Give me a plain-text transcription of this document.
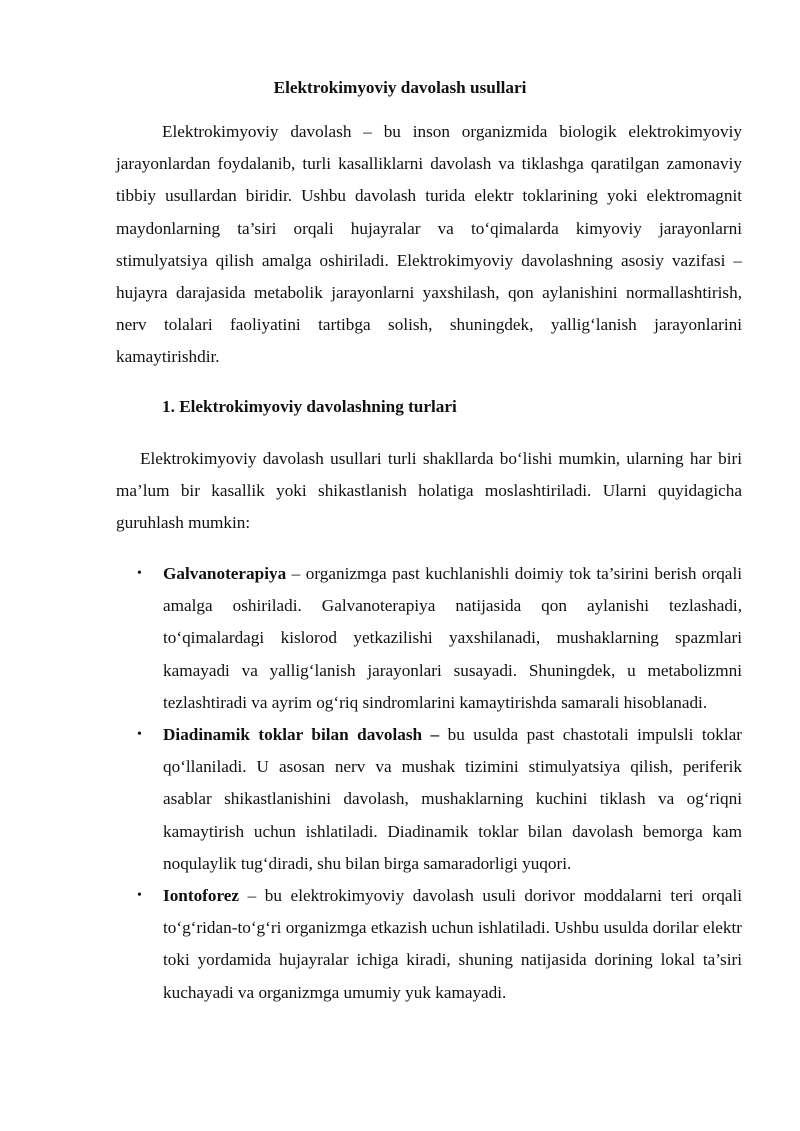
Elektrokimyoviy davolash usullari

Elektrokimyoviy davolash – bu inson organizmida biologik elektrokimyoviy jarayonlardan foydalanib, turli kasalliklarni davolash va tiklashga qaratilgan zamonaviy tibbiy usullardan biridir. Ushbu davolash turida elektr toklarining yoki elektromagnit maydonlarning ta’siri orqali hujayralar va to‘qimalarda kimyoviy jarayonlarni stimulyatsiya qilish amalga oshiriladi. Elektrokimyoviy davolashning asosiy vazifasi – hujayra darajasida metabolik jarayonlarni yaxshilash, qon aylanishini normallashtirish, nerv tolalari faoliyatini tartibga solish, shuningdek, yallig‘lanish jarayonlarini kamaytirishdir.

1. Elektrokimyoviy davolashning turlari

Elektrokimyoviy davolash usullari turli shakllarda bo‘lishi mumkin, ularning har biri ma’lum bir kasallik yoki shikastlanish holatiga moslashtiriladi. Ularni quyidagicha guruhlash mumkin:

• Galvanoterapiya – organizmga past kuchlanishli doimiy tok ta’sirini berish orqali amalga oshiriladi. Galvanoterapiya natijasida qon aylanishi tezlashadi, to‘qimalardagi kislorod yetkazilishi yaxshilanadi, mushaklarning spazmlari kamayadi va yallig‘lanish jarayonlari susayadi. Shuningdek, u metabolizmni tezlashtiradi va ayrim og‘riq sindromlarini kamaytirishda samarali hisoblanadi.
• Diadinamik toklar bilan davolash – bu usulda past chastotali impulsli toklar qo‘llaniladi. U asosan nerv va mushak tizimini stimulyatsiya qilish, periferik asablar shikastlanishini davolash, mushaklarning kuchini tiklash va og‘riqni kamaytirish uchun ishlatiladi. Diadinamik toklar bilan davolash bemorga kam noqulaylik tug‘diradi, shu bilan birga samaradorligi yuqori.
• Iontoforez – bu elektrokimyoviy davolash usuli dorivor moddalarni teri orqali to‘g‘ridan-to‘g‘ri organizmga etkazish uchun ishlatiladi. Ushbu usulda dorilar elektr toki yordamida hujayralar ichiga kiradi, shuning natijasida dorining lokal ta’siri kuchayadi va organizmga umumiy yuk kamayadi.
